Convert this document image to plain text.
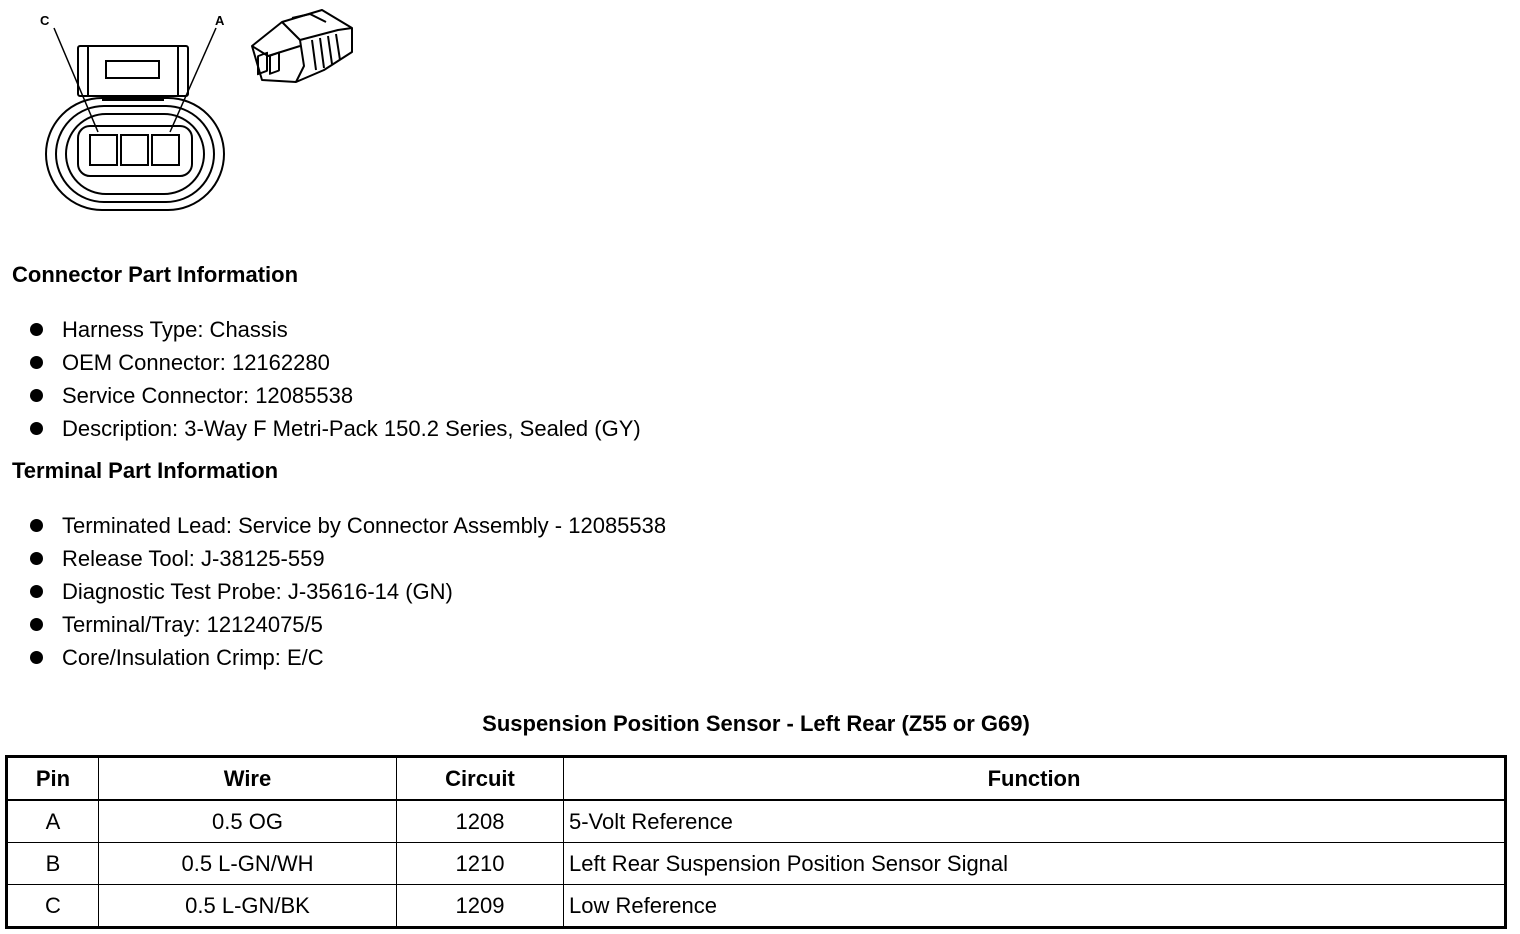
C	A
Connector Part Information
Harness Type: Chassis
OEM Connector: 12162280
Service Connector: 12085538
Description: 3-Way F Metri-Pack 150.2 Series, Sealed (GY)
Terminal Part Information
Terminated Lead: Service by Connector Assembly - 12085538
Release Tool: J-38125-559
Diagnostic Test Probe: J-35616-14 (GN)
Terminal/Tray: 12124075/5
Core/Insulation Crimp: E/C
Suspension Position Sensor - Left Rear (Z55 or G69)
Pin	Wire	Circuit	Function
A	0.5 OG	1208	5-Volt Reference
B	0.5 L-GN/WH	1210	Left Rear Suspension Position Sensor Signal
C	0.5 L-GN/BK	1209	Low Reference
